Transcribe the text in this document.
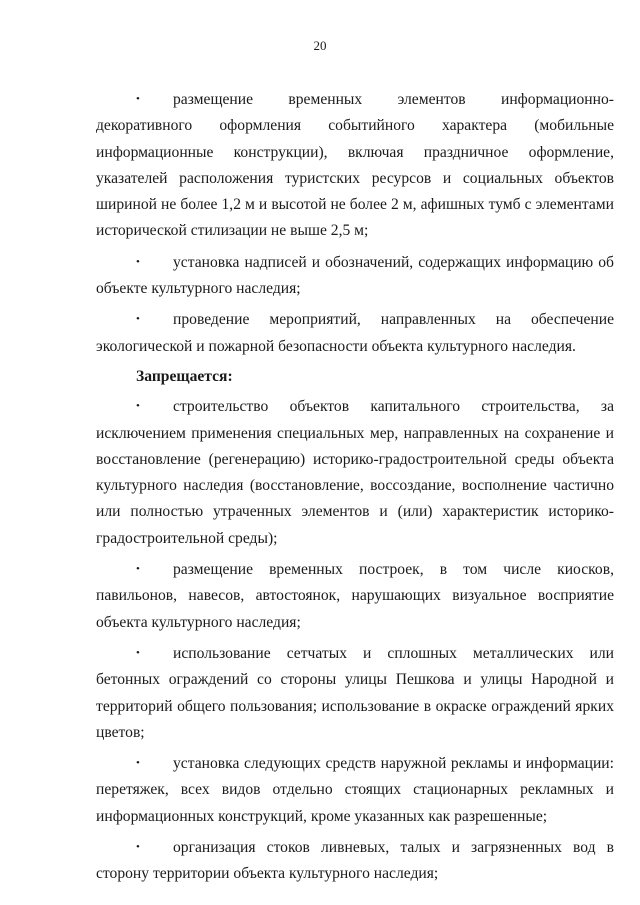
20

• размещение временных элементов информационно-декоративного оформления событийного характера (мобильные информационные конструкции), включая праздничное оформление, указателей расположения туристских ресурсов и социальных объектов шириной не более 1,2 м и высотой не более 2 м, афишных тумб с элементами исторической стилизации не выше 2,5 м;

• установка надписей и обозначений, содержащих информацию об объекте культурного наследия;

• проведение мероприятий, направленных на обеспечение экологической и пожарной безопасности объекта культурного наследия.

Запрещается:

• строительство объектов капитального строительства, за исключением применения специальных мер, направленных на сохранение и восстановление (регенерацию) историко-градостроительной среды объекта культурного наследия (восстановление, воссоздание, восполнение частично или полностью утраченных элементов и (или) характеристик историко-градостроительной среды);

• размещение временных построек, в том числе киосков, павильонов, навесов, автостоянок, нарушающих визуальное восприятие объекта культурного наследия;

• использование сетчатых и сплошных металлических или бетонных ограждений со стороны улицы Пешкова и улицы Народной и территорий общего пользования; использование в окраске ограждений ярких цветов;

• установка следующих средств наружной рекламы и информации: перетяжек, всех видов отдельно стоящих стационарных рекламных и информационных конструкций, кроме указанных как разрешенные;

• организация стоков ливневых, талых и загрязненных вод в сторону территории объекта культурного наследия;
